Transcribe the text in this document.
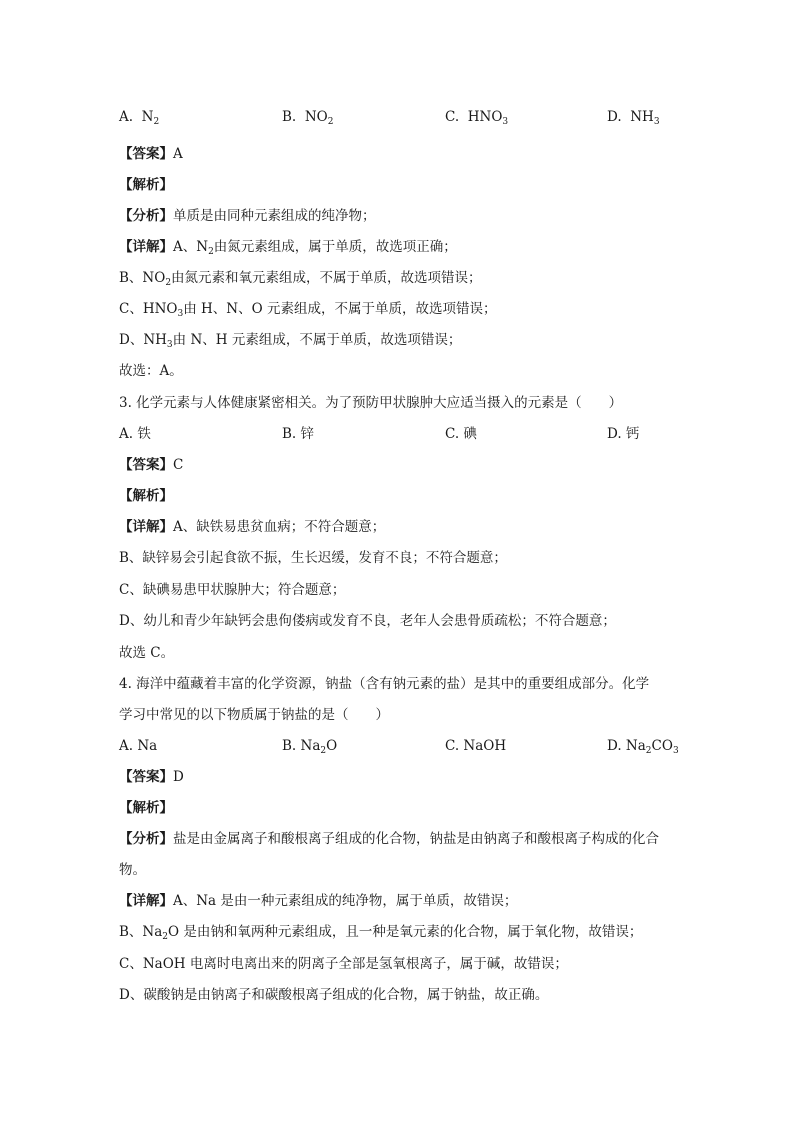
A. $N_2$	B. $NO_2$	C. $HNO_3$	D. $NH_3$
【答案】A
【解析】
【分析】单质是由同种元素组成的纯净物；
【详解】A、$N_2$由氮元素组成，属于单质，故选项正确；
B、$NO_2$由氮元素和氧元素组成，不属于单质，故选项错误；
C、$HNO_3$由 H、N、O 元素组成，不属于单质，故选项错误；
D、$NH_3$由 N、H 元素组成，不属于单质，故选项错误；
故选：A。
3. 化学元素与人体健康紧密相关。为了预防甲状腺肿大应适当摄入的元素是（　　）
A. 铁	B. 锌	C. 碘	D. 钙
【答案】C
【解析】
【详解】A、缺铁易患贫血病；不符合题意；
B、缺锌易会引起食欲不振，生长迟缓，发育不良；不符合题意；
C、缺碘易患甲状腺肿大；符合题意；
D、幼儿和青少年缺钙会患佝偻病或发育不良，老年人会患骨质疏松；不符合题意；
故选 C。
4. 海洋中蕴藏着丰富的化学资源，钠盐（含有钠元素的盐）是其中的重要组成部分。化学
学习中常见的以下物质属于钠盐的是（　　）
A. Na	B. $Na_2O$	C. NaOH	D. $Na_2CO_3$
【答案】D
【解析】
【分析】盐是由金属离子和酸根离子组成的化合物，钠盐是由钠离子和酸根离子构成的化合
物。
【详解】A、Na 是由一种元素组成的纯净物，属于单质，故错误；
B、$Na_2O$ 是由钠和氧两种元素组成，且一种是氧元素的化合物，属于氧化物，故错误；
C、NaOH 电离时电离出来的阴离子全部是氢氧根离子，属于碱，故错误；
D、碳酸钠是由钠离子和碳酸根离子组成的化合物，属于钠盐，故正确。
